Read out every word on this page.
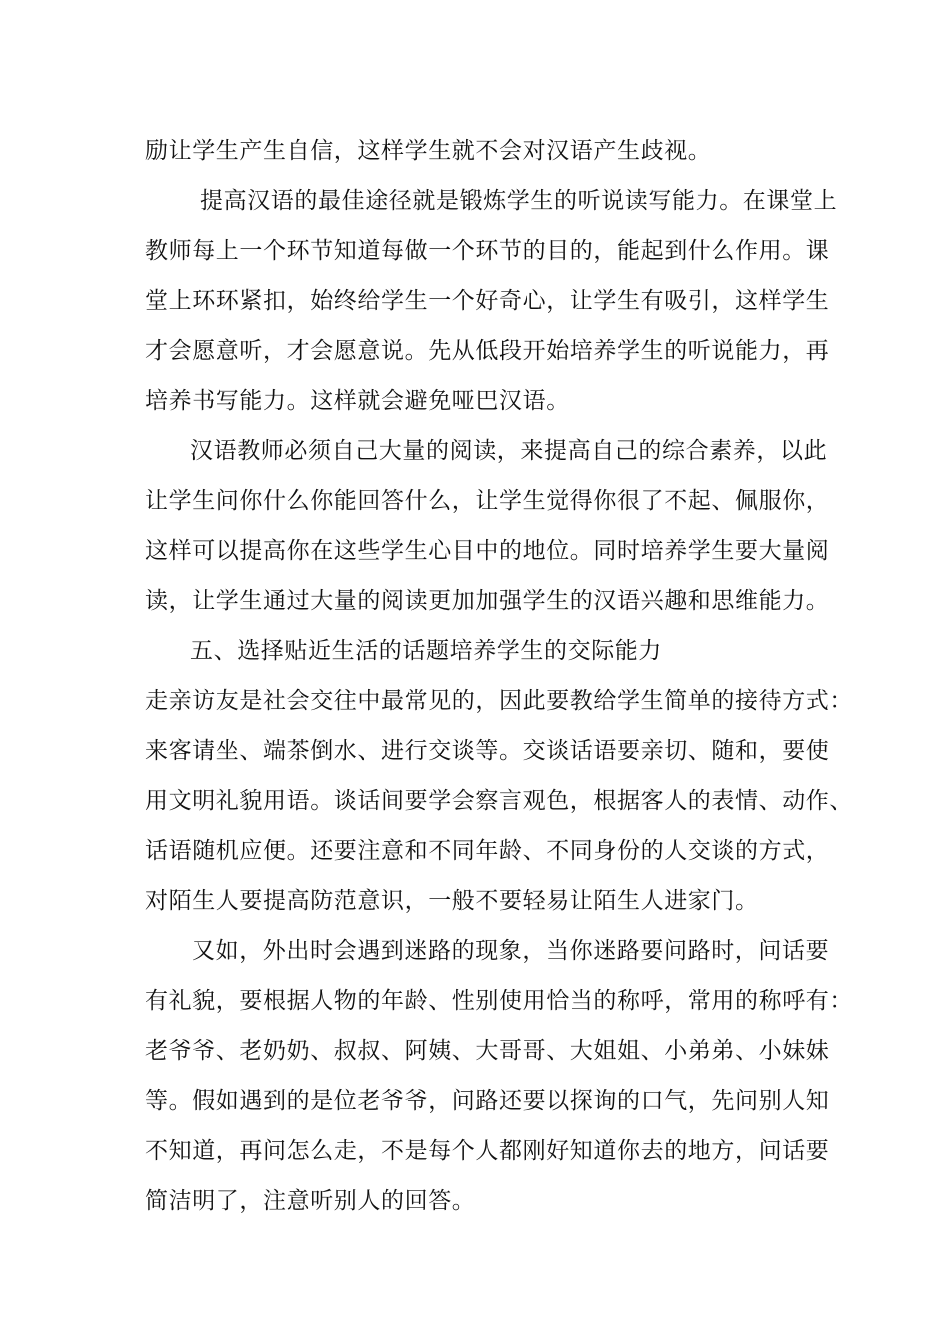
励让学生产生自信，这样学生就不会对汉语产生歧视。
提高汉语的最佳途径就是锻炼学生的听说读写能力。在课堂上
教师每上一个环节知道每做一个环节的目的，能起到什么作用。课
堂上环环紧扣，始终给学生一个好奇心，让学生有吸引，这样学生
才会愿意听，才会愿意说。先从低段开始培养学生的听说能力，再
培养书写能力。这样就会避免哑巴汉语。
汉语教师必须自己大量的阅读，来提高自己的综合素养，以此
让学生问你什么你能回答什么，让学生觉得你很了不起、佩服你，
这样可以提高你在这些学生心目中的地位。同时培养学生要大量阅
读，让学生通过大量的阅读更加加强学生的汉语兴趣和思维能力。
五、选择贴近生活的话题培养学生的交际能力
走亲访友是社会交往中最常见的，因此要教给学生简单的接待方式：
来客请坐、端茶倒水、进行交谈等。交谈话语要亲切、随和，要使
用文明礼貌用语。谈话间要学会察言观色，根据客人的表情、动作、
话语随机应便。还要注意和不同年龄、不同身份的人交谈的方式，
对陌生人要提高防范意识，一般不要轻易让陌生人进家门。
又如，外出时会遇到迷路的现象，当你迷路要问路时，问话要
有礼貌，要根据人物的年龄、性别使用恰当的称呼，常用的称呼有：
老爷爷、老奶奶、叔叔、阿姨、大哥哥、大姐姐、小弟弟、小妹妹
等。假如遇到的是位老爷爷，问路还要以探询的口气，先问别人知
不知道，再问怎么走，不是每个人都刚好知道你去的地方，问话要
简洁明了，注意听别人的回答。
